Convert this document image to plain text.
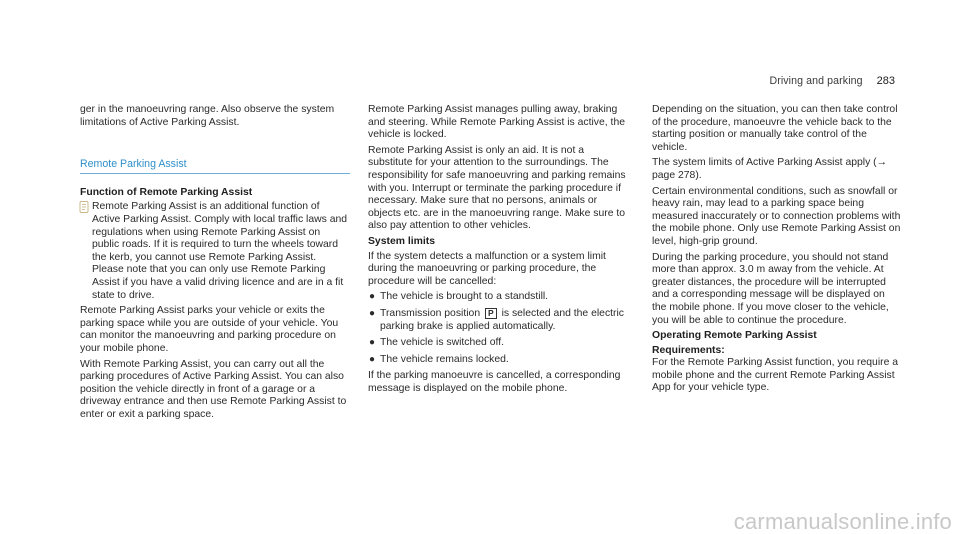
Driving and parking 283

ger in the manoeuvring range. Also observe the system limitations of Active Parking Assist.

Remote Parking Assist
Function of Remote Parking Assist
Remote Parking Assist is an additional function of Active Parking Assist. Comply with local traffic laws and regulations when using Remote Parking Assist on public roads. If it is required to turn the wheels toward the kerb, you cannot use Remote Parking Assist. Please note that you can only use Remote Parking Assist if you have a valid driving licence and are in a fit state to drive.

Remote Parking Assist parks your vehicle or exits the parking space while you are outside of your vehicle. You can monitor the manoeuvring and parking procedure on your mobile phone.

With Remote Parking Assist, you can carry out all the parking procedures of Active Parking Assist. You can also position the vehicle directly in front of a garage or a driveway entrance and then use Remote Parking Assist to enter or exit a parking space.

Remote Parking Assist manages pulling away, braking and steering. While Remote Parking Assist is active, the vehicle is locked.

Remote Parking Assist is only an aid. It is not a substitute for your attention to the surroundings. The responsibility for safe manoeuvring and parking remains with you. Interrupt or terminate the parking procedure if necessary. Make sure that no persons, animals or objects etc. are in the manoeuvring range. Make sure to also pay attention to other vehicles.

System limits

If the system detects a malfunction or a system limit during the manoeuvring or parking procedure, the procedure will be cancelled:

● The vehicle is brought to a standstill.
● Transmission position P is selected and the electric parking brake is applied automatically.
● The vehicle is switched off.
● The vehicle remains locked.

If the parking manoeuvre is cancelled, a corresponding message is displayed on the mobile phone.

Depending on the situation, you can then take control of the procedure, manoeuvre the vehicle back to the starting position or manually take control of the vehicle.

The system limits of Active Parking Assist apply (→ page 278).

Certain environmental conditions, such as snowfall or heavy rain, may lead to a parking space being measured inaccurately or to connection problems with the mobile phone. Only use Remote Parking Assist on level, high-grip ground.

During the parking procedure, you should not stand more than approx. 3.0 m away from the vehicle. At greater distances, the procedure will be interrupted and a corresponding message will be displayed on the mobile phone. If you move closer to the vehicle, you will be able to continue the procedure.

Operating Remote Parking Assist

Requirements:
For the Remote Parking Assist function, you require a mobile phone and the current Remote Parking Assist App for your vehicle type.

carmanualsonline.info
